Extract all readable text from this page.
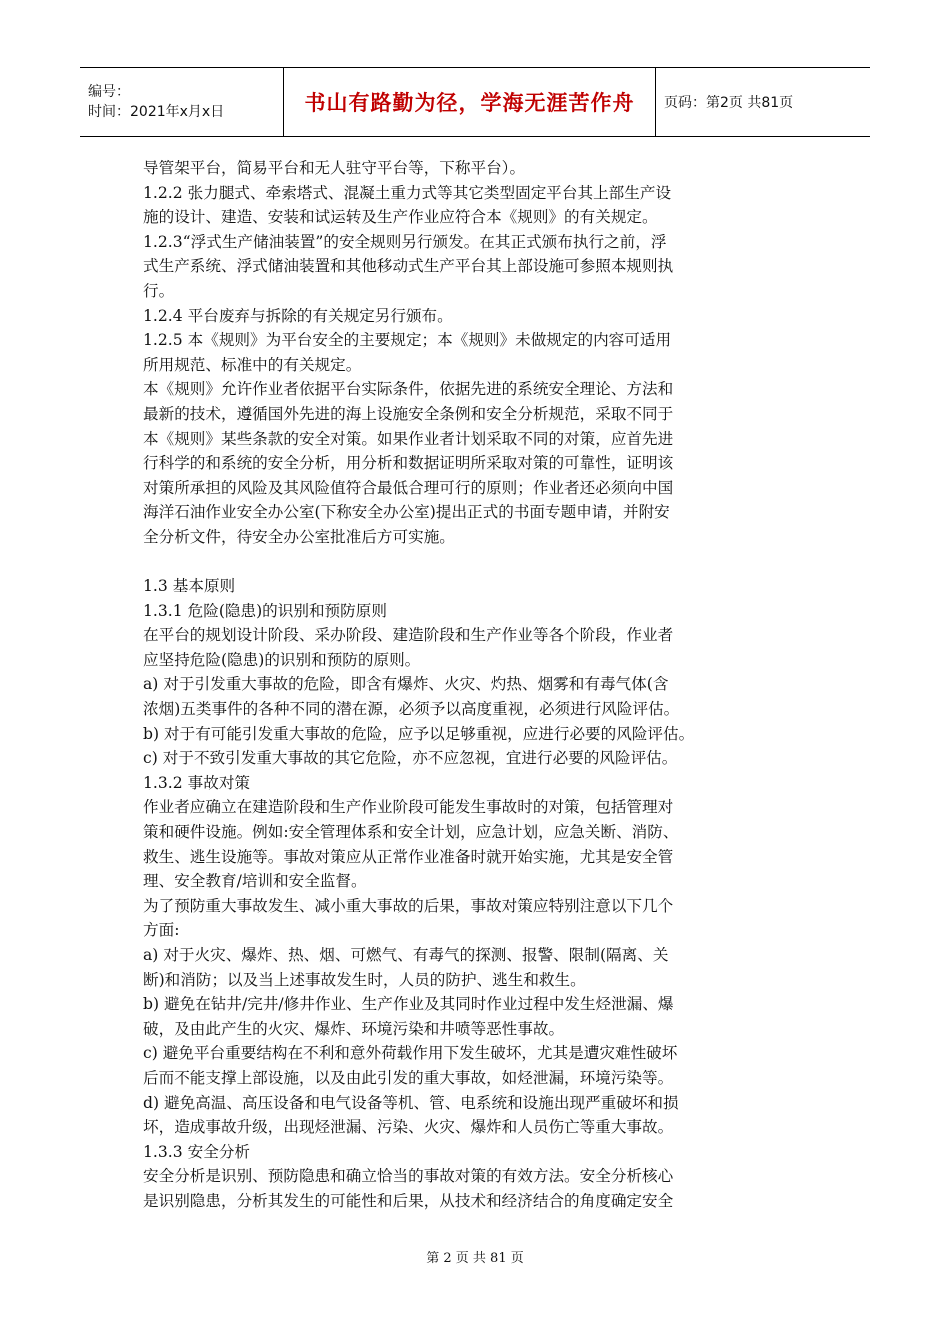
编号：
时间：2021年x月x日	书山有路勤为径，学海无涯苦作舟 页码：第2页 共81页

导管架平台，简易平台和无人驻守平台等，下称平台）。

1.2.2 张力腿式、牵索塔式、混凝土重力式等其它类型固定平台其上部生产设

施的设计、建造、安装和试运转及生产作业应符合本《规则》的有关规定。

1.2.3“浮式生产储油装置”的安全规则另行颁发。在其正式颁布执行之前，浮

式生产系统、浮式储油装置和其他移动式生产平台其上部设施可参照本规则执

行。

1.2.4 平台废弃与拆除的有关规定另行颁布。

1.2.5 本《规则》为平台安全的主要规定；本《规则》未做规定的内容可适用

所用规范、标准中的有关规定。

本《规则》允许作业者依据平台实际条件，依据先进的系统安全理论、方法和

最新的技术，遵循国外先进的海上设施安全条例和安全分析规范，采取不同于

本《规则》某些条款的安全对策。如果作业者计划采取不同的对策，应首先进

行科学的和系统的安全分析，用分析和数据证明所采取对策的可靠性，证明该

对策所承担的风险及其风险值符合最低合理可行的原则；作业者还必须向中国

海洋石油作业安全办公室(下称安全办公室)提出正式的书面专题申请，并附安

全分析文件，待安全办公室批准后方可实施。

1.3 基本原则

1.3.1 危险(隐患)的识别和预防原则

在平台的规划设计阶段、采办阶段、建造阶段和生产作业等各个阶段，作业者

应坚持危险(隐患)的识别和预防的原则。

a) 对于引发重大事故的危险，即含有爆炸、火灾、灼热、烟雾和有毒气体(含

浓烟)五类事件的各种不同的潜在源，必须予以高度重视，必须进行风险评估。

b) 对于有可能引发重大事故的危险，应予以足够重视，应进行必要的风险评估。

c) 对于不致引发重大事故的其它危险，亦不应忽视，宜进行必要的风险评估。

1.3.2 事故对策

作业者应确立在建造阶段和生产作业阶段可能发生事故时的对策，包括管理对

策和硬件设施。例如:安全管理体系和安全计划，应急计划，应急关断、消防、

救生、逃生设施等。事故对策应从正常作业准备时就开始实施，尤其是安全管

理、安全教育/培训和安全监督。

为了预防重大事故发生、减小重大事故的后果，事故对策应特别注意以下几个

方面:

a) 对于火灾、爆炸、热、烟、可燃气、有毒气的探测、报警、限制(隔离、关

断)和消防；以及当上述事故发生时，人员的防护、逃生和救生。

b) 避免在钻井/完井/修井作业、生产作业及其同时作业过程中发生烃泄漏、爆

破，及由此产生的火灾、爆炸、环境污染和井喷等恶性事故。

c) 避免平台重要结构在不利和意外荷载作用下发生破坏，尤其是遭灾难性破坏

后而不能支撑上部设施，以及由此引发的重大事故，如烃泄漏，环境污染等。

d) 避免高温、高压设备和电气设备等机、管、电系统和设施出现严重破坏和损

坏，造成事故升级，出现烃泄漏、污染、火灾、爆炸和人员伤亡等重大事故。

1.3.3 安全分析

安全分析是识别、预防隐患和确立恰当的事故对策的有效方法。安全分析核心

是识别隐患，分析其发生的可能性和后果，从技术和经济结合的角度确定安全

第 2 页 共 81 页
